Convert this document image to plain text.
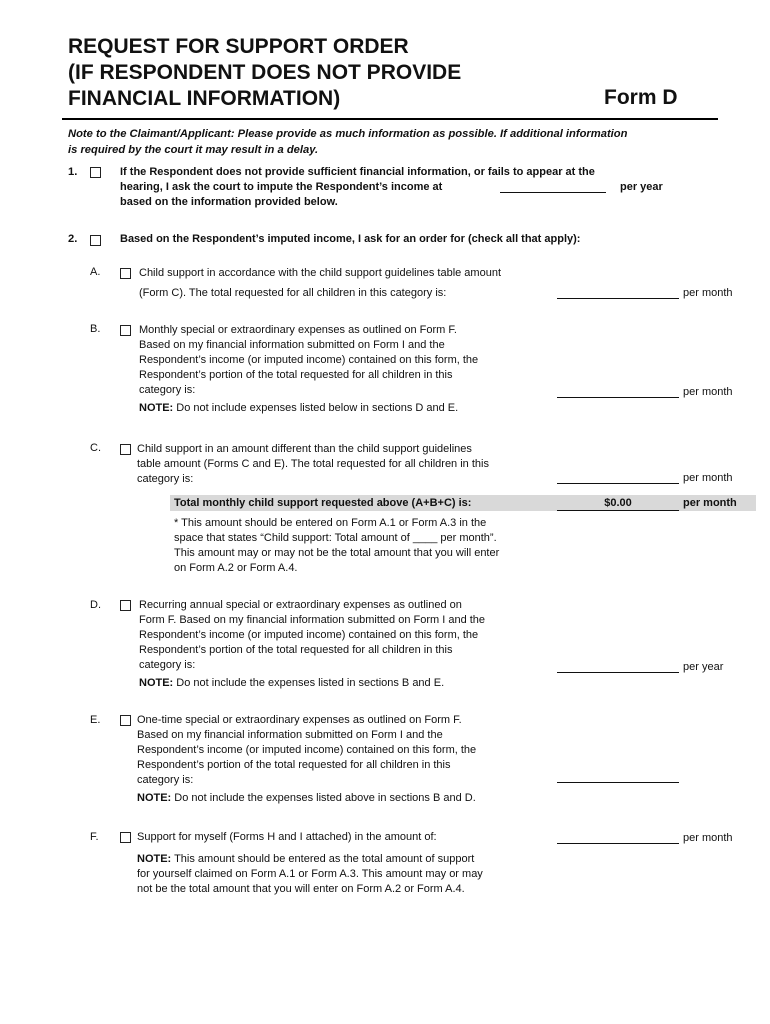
REQUEST FOR SUPPORT ORDER
(IF RESPONDENT DOES NOT PROVIDE
FINANCIAL INFORMATION)	Form D
Note to the Claimant/Applicant: Please provide as much information as possible. If additional information
is required by the court it may result in a delay.
1.	If the Respondent does not provide sufficient financial information, or fails to appear at the
hearing, I ask the court to impute the Respondent’s income at
based on the information provided below.
per year
2.	Based on the Respondent’s imputed income, I ask for an order for (check all that apply):
A.	Child support in accordance with the child support guidelines table amount
(Form C). The total requested for all children in this category is:	per month
B.	Monthly special or extraordinary expenses as outlined on Form F.
Based on my financial information submitted on Form I and the
Respondent’s income (or imputed income) contained on this form, the
Respondent’s portion of the total requested for all children in this
category is:
NOTE: Do not include expenses listed below in sections D and E.
per month
C.	Child support in an amount different than the child support guidelines
table amount (Forms C and E). The total requested for all children in this
category is:	per month
Total monthly child support requested above (A+B+C) is:	$0.00	per month
* This amount should be entered on Form A.1 or Form A.3 in the
space that states “Child support: Total amount of ____ per month”.
This amount may or may not be the total amount that you will enter
on Form A.2 or Form A.4.
D.	Recurring annual special or extraordinary expenses as outlined on
Form F. Based on my financial information submitted on Form I and the
Respondent’s income (or imputed income) contained on this form, the
Respondent’s portion of the total requested for all children in this
category is:
NOTE: Do not include the expenses listed in sections B and E.
per year
E.	One-time special or extraordinary expenses as outlined on Form F.
Based on my financial information submitted on Form I and the
Respondent’s income (or imputed income) contained on this form, the
Respondent’s portion of the total requested for all children in this
category is:
NOTE: Do not include the expenses listed above in sections B and D.
F.	Support for myself (Forms H and I attached) in the amount of:	per month
NOTE: This amount should be entered as the total amount of support
for yourself claimed on Form A.1 or Form A.3. This amount may or may
not be the total amount that you will enter on Form A.2 or Form A.4.
